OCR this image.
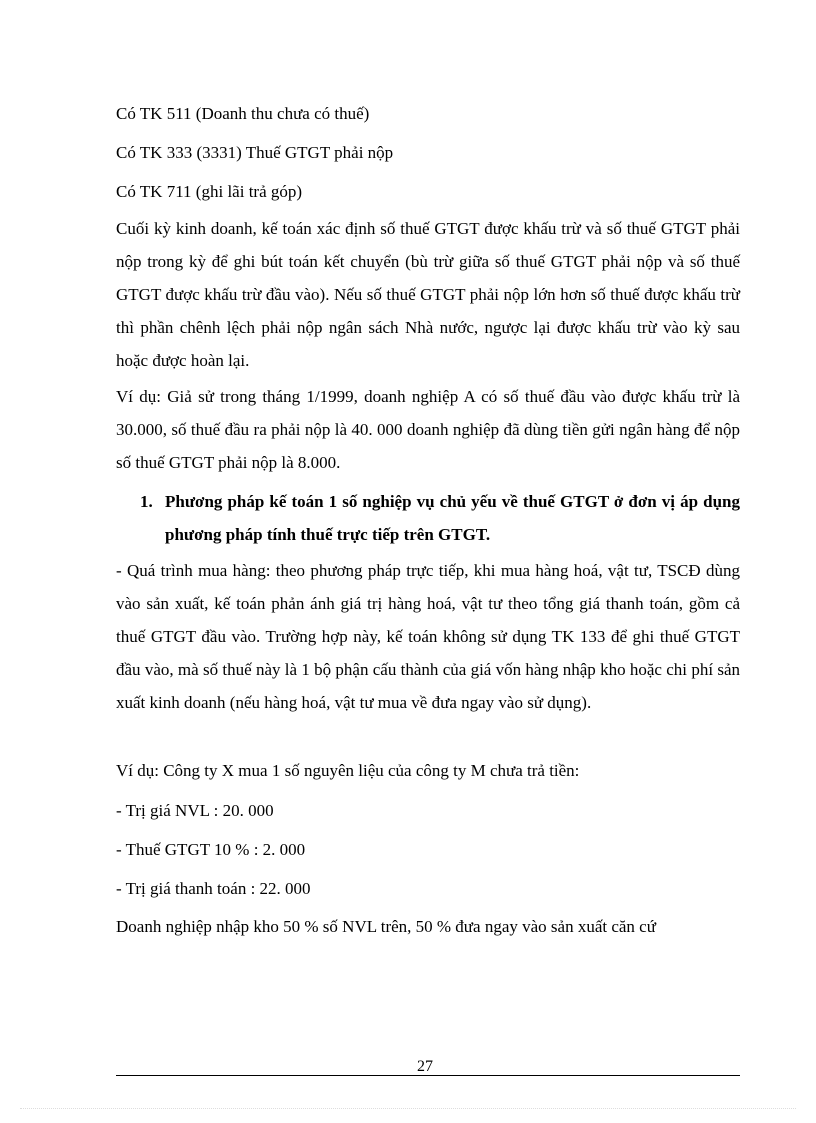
Có TK 511 (Doanh thu chưa có thuế)
Có TK 333 (3331) Thuế GTGT phải nộp
Có TK 711 (ghi lãi trả góp)
Cuối kỳ kinh doanh, kế toán xác định số thuế GTGT được khấu trừ và số thuế GTGT phải nộp trong kỳ để ghi bút toán kết chuyển (bù trừ giữa số thuế GTGT phải nộp và số thuế GTGT được khấu trừ đầu vào). Nếu số thuế GTGT phải nộp lớn hơn số thuế được khấu trừ thì phần chênh lệch phải nộp ngân sách Nhà nước, ngược lại được khấu trừ vào kỳ sau hoặc được hoàn lại.
Ví dụ: Giả sử trong tháng 1/1999, doanh nghiệp A có số thuế đầu vào được khấu trừ là 30.000, số thuế đầu ra phải nộp là 40. 000 doanh nghiệp đã dùng tiền gửi ngân hàng để nộp số thuế GTGT phải nộp là 8.000.
1. Phương pháp kế toán 1 số nghiệp vụ chủ yếu về thuế GTGT ở đơn vị áp dụng phương pháp tính thuế trực tiếp trên GTGT.
- Quá trình mua hàng: theo phương pháp trực tiếp, khi mua hàng hoá, vật tư, TSCĐ dùng vào sản xuất, kế toán phản ánh giá trị hàng hoá, vật tư theo tổng giá thanh toán, gồm cả thuế GTGT đầu vào. Trường hợp này, kế toán không sử dụng TK 133 để ghi thuế GTGT đầu vào, mà số thuế này là 1 bộ phận cấu thành của giá vốn hàng nhập kho hoặc chi phí sản xuất kinh doanh (nếu hàng hoá, vật tư mua về đưa ngay vào sử dụng).
Ví dụ: Công ty X mua 1 số nguyên liệu của công ty M chưa trả tiền:
- Trị giá NVL : 20. 000
- Thuế GTGT 10 % : 2. 000
- Trị giá thanh toán : 22. 000
Doanh nghiệp nhập kho 50 % số NVL trên, 50 % đưa ngay vào sản xuất căn cứ
27
